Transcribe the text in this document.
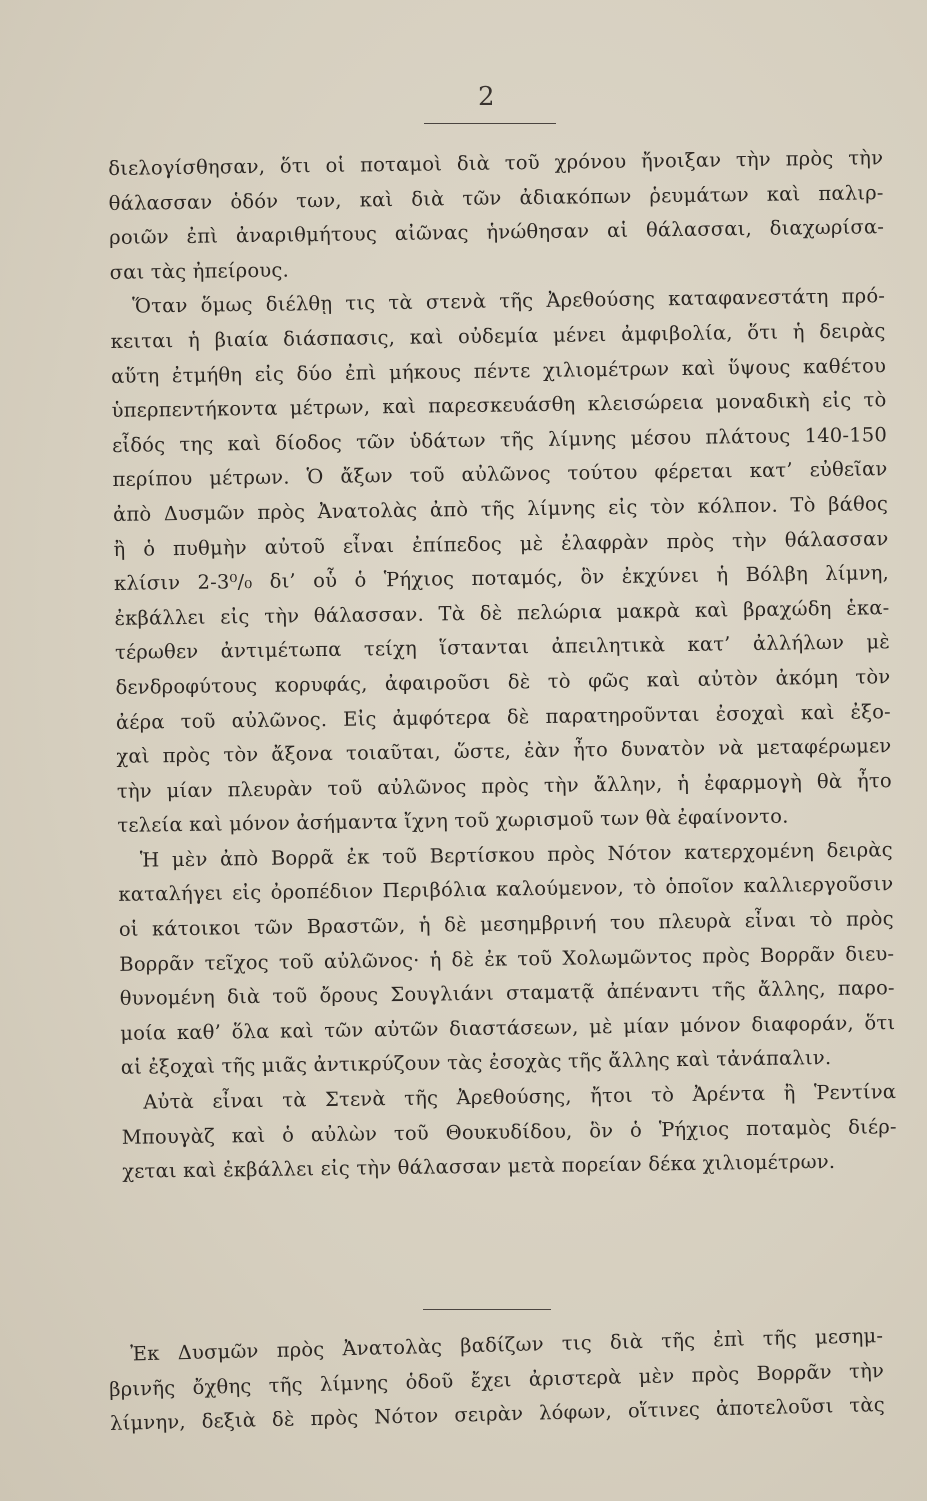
2
διελογίσθησαν, ὅτι οἱ ποταμοὶ διὰ τοῦ χρόνου ἤνοιξαν τὴν πρὸς τὴν
θάλασσαν ὁδόν των, καὶ διὰ τῶν ἀδιακόπων ῥευμάτων καὶ παλιρ-
ροιῶν ἐπὶ ἀναριθμήτους αἰῶνας ἡνώθησαν αἱ θάλασσαι, διαχωρίσα-
σαι τὰς ἠπείρους.
Ὅταν ὅμως διέλθῃ τις τὰ στενὰ τῆς Ἀρεθούσης καταφανεστάτη πρό-
κειται ἡ βιαία διάσπασις, καὶ οὐδεμία μένει ἀμφιβολία, ὅτι ἡ δειρὰς
αὕτη ἐτμήθη εἰς δύο ἐπὶ μήκους πέντε χιλιομέτρων καὶ ὕψους καθέτου
ὑπερπεντήκοντα μέτρων, καὶ παρεσκευάσθη κλεισώρεια μοναδικὴ εἰς τὸ
εἶδός της καὶ δίοδος τῶν ὑδάτων τῆς λίμνης μέσου πλάτους 140-150
περίπου μέτρων. Ὁ ἄξων τοῦ αὐλῶνος τούτου φέρεται κατ’ εὐθεῖαν
ἀπὸ Δυσμῶν πρὸς Ἀνατολὰς ἀπὸ τῆς λίμνης εἰς τὸν κόλπον. Τὸ βάθος
ἢ ὁ πυθμὴν αὐτοῦ εἶναι ἐπίπεδος μὲ ἐλαφρὰν πρὸς τὴν θάλασσαν
κλίσιν 2-3⁰/₀ δι’ οὗ ὁ Ῥήχιος ποταμός, ὃν ἐκχύνει ἡ Βόλβη λίμνη,
ἐκβάλλει εἰς τὴν θάλασσαν. Τὰ δὲ πελώρια μακρὰ καὶ βραχώδη ἑκα-
τέρωθεν ἀντιμέτωπα τείχη ἵστανται ἀπειλητικὰ κατ’ ἀλλήλων μὲ
δενδροφύτους κορυφάς, ἀφαιροῦσι δὲ τὸ φῶς καὶ αὐτὸν ἀκόμη τὸν
ἀέρα τοῦ αὐλῶνος. Εἰς ἀμφότερα δὲ παρατηροῦνται ἐσοχαὶ καὶ ἐξο-
χαὶ πρὸς τὸν ἄξονα τοιαῦται, ὥστε, ἐὰν ἦτο δυνατὸν νὰ μεταφέρωμεν
τὴν μίαν πλευρὰν τοῦ αὐλῶνος πρὸς τὴν ἄλλην, ἡ ἐφαρμογὴ θὰ ἦτο
τελεία καὶ μόνον ἀσήμαντα ἴχνη τοῦ χωρισμοῦ των θὰ ἐφαίνοντο.
Ἡ μὲν ἀπὸ Βορρᾶ ἐκ τοῦ Βερτίσκου πρὸς Νότον κατερχομένη δειρὰς
καταλήγει εἰς ὀροπέδιον Περιβόλια καλούμενον, τὸ ὁποῖον καλλιεργοῦσιν
οἱ κάτοικοι τῶν Βραστῶν, ἡ δὲ μεσημβρινή του πλευρὰ εἶναι τὸ πρὸς
Βορρᾶν τεῖχος τοῦ αὐλῶνος· ἡ δὲ ἐκ τοῦ Χολωμῶντος πρὸς Βορρᾶν διευ-
θυνομένη διὰ τοῦ ὄρους Σουγλιάνι σταματᾷ ἀπέναντι τῆς ἄλλης, παρο-
μοία καθ’ ὅλα καὶ τῶν αὐτῶν διαστάσεων, μὲ μίαν μόνον διαφοράν, ὅτι
αἱ ἐξοχαὶ τῆς μιᾶς ἀντικρύζουν τὰς ἐσοχὰς τῆς ἄλλης καὶ τἀνάπαλιν.
Αὐτὰ εἶναι τὰ Στενὰ τῆς Ἀρεθούσης, ἤτοι τὸ Ἀρέντα ἢ Ῥεντίνα
Μπουγὰζ καὶ ὁ αὐλὼν τοῦ Θουκυδίδου, ὃν ὁ Ῥήχιος ποταμὸς διέρ-
χεται καὶ ἐκβάλλει εἰς τὴν θάλασσαν μετὰ πορείαν δέκα χιλιομέτρων.
Ἐκ Δυσμῶν πρὸς Ἀνατολὰς βαδίζων τις διὰ τῆς ἐπὶ τῆς μεσημ-
βρινῆς ὄχθης τῆς λίμνης ὁδοῦ ἔχει ἀριστερὰ μὲν πρὸς Βορρᾶν τὴν
λίμνην, δεξιὰ δὲ πρὸς Νότον σειρὰν λόφων, οἵτινες ἀποτελοῦσι τὰς
